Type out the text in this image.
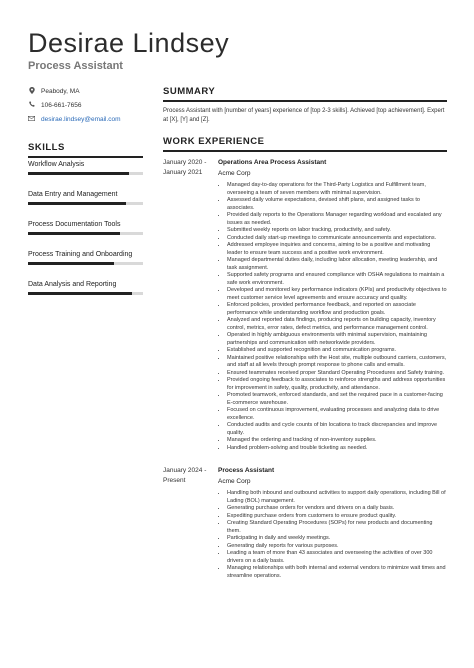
Desirae Lindsey
Process Assistant
Peabody, MA
106-661-7656
desirae.lindsey@email.com
SKILLS
Workflow Analysis
Data Entry and Management
Process Documentation Tools
Process Training and Onboarding
Data Analysis and Reporting
SUMMARY
Process Assistant with [number of years] experience of [top 2-3 skills]. Achieved [top achievement]. Expert at [X], [Y] and [Z].
WORK EXPERIENCE
January 2020 - January 2021
Operations Area Process Assistant
Acme Corp
• Managed day-to-day operations for the Third-Party Logistics and Fulfillment team, overseeing a team of seven members with minimal supervision.
• Assessed daily volume expectations, devised shift plans, and assigned tasks to associates.
• Provided daily reports to the Operations Manager regarding workload and escalated any issues as needed.
• Submitted weekly reports on labor tracking, productivity, and safety.
• Conducted daily start-up meetings to communicate announcements and expectations.
• Addressed employee inquiries and concerns, aiming to be a positive and motivating leader to ensure team success and a positive work environment.
• Managed departmental duties daily, including labor allocation, meeting leadership, and task assignment.
• Supported safety programs and ensured compliance with OSHA regulations to maintain a safe work environment.
• Developed and monitored key performance indicators (KPIs) and productivity objectives to meet customer service level agreements and ensure accuracy and quality.
• Enforced policies, provided performance feedback, and reported on associate performance while understanding workflow and production goals.
• Analyzed and reported data findings, producing reports on building capacity, inventory control, metrics, error rates, defect metrics, and performance management control.
• Operated in highly ambiguous environments with minimal supervision, maintaining partnerships and communication with networkwide providers.
• Established and supported recognition and communication programs.
• Maintained positive relationships with the Host site, multiple outbound carriers, customers, and staff at all levels through prompt response to phone calls and emails.
• Ensured teammates received proper Standard Operating Procedures and Safety training.
• Provided ongoing feedback to associates to reinforce strengths and address opportunities for improvement in safety, quality, productivity, and attendance.
• Promoted teamwork, enforced standards, and set the required pace in a customer-facing E-commerce warehouse.
• Focused on continuous improvement, evaluating processes and analyzing data to drive excellence.
• Conducted audits and cycle counts of bin locations to track discrepancies and improve quality.
• Managed the ordering and tracking of non-inventory supplies.
• Handled problem-solving and trouble ticketing as needed.
January 2024 - Present
Process Assistant
Acme Corp
• Handling both inbound and outbound activities to support daily operations, including Bill of Lading (BOL) management.
• Generating purchase orders for vendors and drivers on a daily basis.
• Expediting purchase orders from customers to ensure product quality.
• Creating Standard Operating Procedures (SOPs) for new products and documenting them.
• Participating in daily and weekly meetings.
• Generating daily reports for various purposes.
• Leading a team of more than 43 associates and overseeing the activities of over 300 drivers on a daily basis.
• Managing relationships with both internal and external vendors to minimize wait times and streamline operations.
